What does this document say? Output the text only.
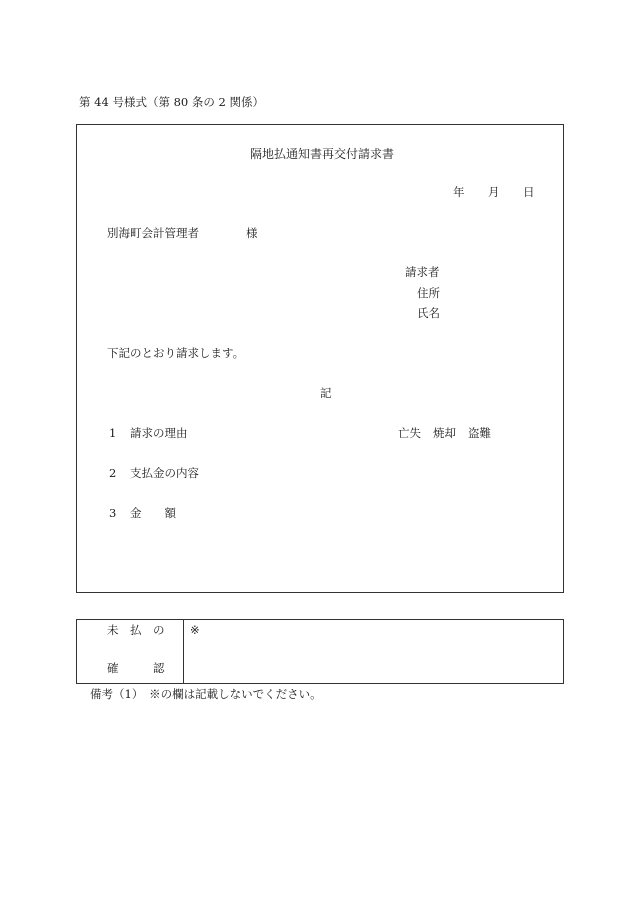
第 44 号様式（第 80 条の 2 関係）
隔地払通知書再交付請求書
年 月 日
別海町会計管理者	様
請求者
住所
氏名
下記のとおり請求します。
記
1 請求の理由	亡失 焼却 盗難
2 支払金の内容
3 金　　額
未　払　の
確　　　認
※
備考（1）　※の欄は記載しないでください。
